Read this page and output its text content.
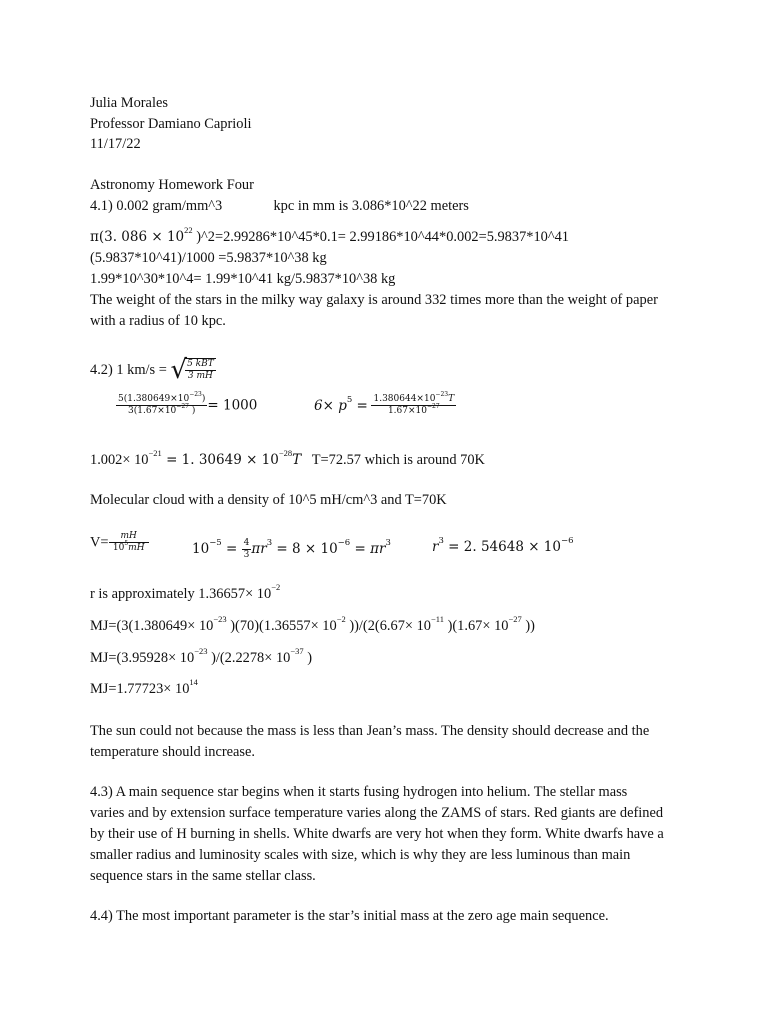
Julia Morales
Professor Damiano Caprioli
11/17/22
Astronomy Homework Four
4.1) 0.002 gram/mm^3	kpc in mm is 3.086*10^22 meters
π(3. $086 \times 10^{22}$ )^2=2.99286*10^45*0.1= 2.99186*10^44*0.002=5.9837*10^41
(5.9837*10^41)/1000 =5.9837*10^38 kg
1.99*10^30*10^4= 1.99*10^41 kg/5.9837*10^38 kg
The weight of the stars in the milky way galaxy is around 332 times more than the weight of paper with a radius of 10 kpc.
4.2) 1 km/s = √
$\frac{\text{5 kBT}}{3 mH}$
$\frac{5(1.380649\times 10^{-23})}{3(1.67\times 10^{-27} )} = 1000$	$6\times p^5 = \frac{1.380644\times 10^{-23}T}{1.67\times 10^{-27}}$
$1.002\times 10^{-21} = 1$. $30649 \times 10^{-28}T$   T=72.57 which is around 70K
Molecular cloud with a density of 10^5 mH/cm^3 and T=70K
$V= \frac{mH}{10^5mH}$	$10^{-5} = \frac{4}{3} \pi r^3 = 8 \times 10^{-6} = \pi r^3$	$r^3 = 2$. $54648 \times 10^{-6}$
r is approximately $1.36657\times 10^{-2}$
$MJ=(3(1.380649\times 10^{-23}$ )$(70)(1.36557\times 10^{-2}$ ))$/(2(6.67\times 10^{-11}$ )($1.67\times 10^{-27}$ ))
$MJ=(3.95928\times 10^{-23}$ )$/(2.2278\times 10^{-37}$ )
$MJ=1.77723\times 10^{14}$
The sun could not because the mass is less than Jean’s mass. The density should decrease and the temperature should increase.
4.3) A main sequence star begins when it starts fusing hydrogen into helium. The stellar mass varies and by extension surface temperature varies along the ZAMS of stars. Red giants are defined by their use of H burning in shells. White dwarfs are very hot when they form. White dwarfs have a smaller radius and luminosity scales with size, which is why they are less luminous than main sequence stars in the same stellar class.
4.4) The most important parameter is the star’s initial mass at the zero age main sequence.
